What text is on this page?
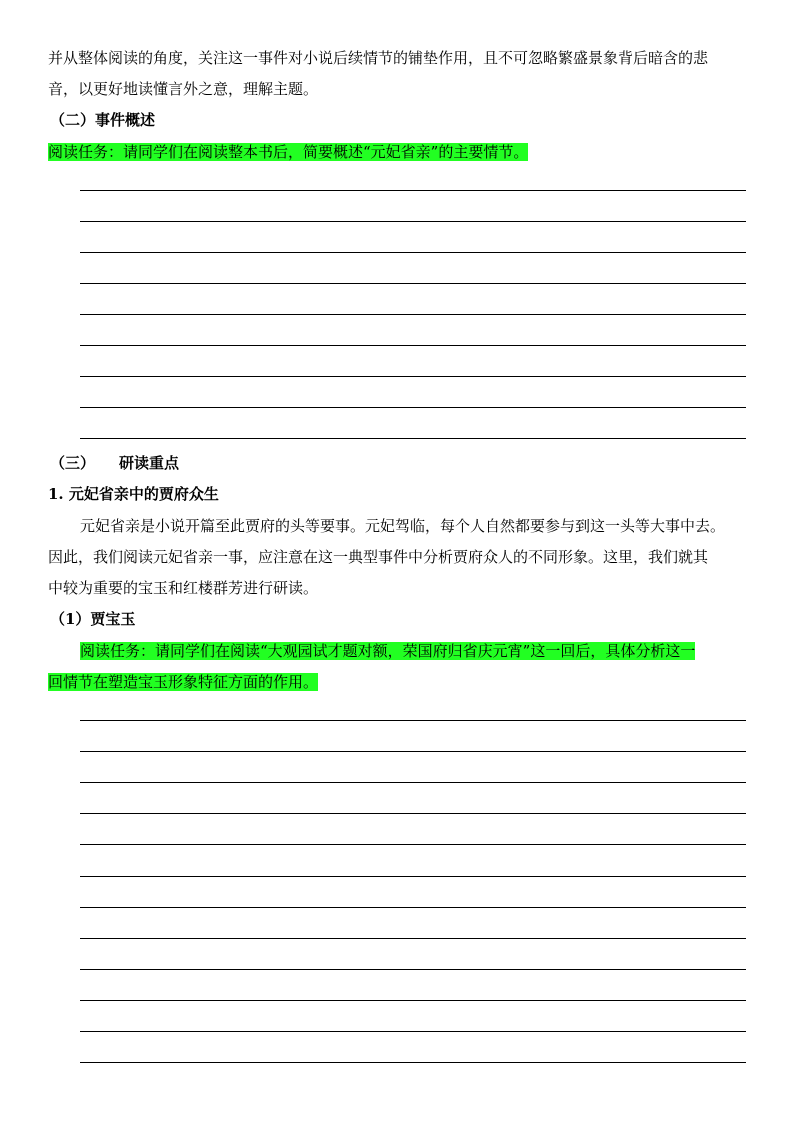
并从整体阅读的角度，关注这一事件对小说后续情节的铺垫作用，且不可忽略繁盛景象背后暗含的悲

音，以更好地读懂言外之意，理解主题。

（二）事件概述

阅读任务：请同学们在阅读整本书后，简要概述“元妃省亲”的主要情节。

（三） 研读重点

1. 元妃省亲中的贾府众生

元妃省亲是小说开篇至此贾府的头等要事。元妃驾临，每个人自然都要参与到这一头等大事中去。

因此，我们阅读元妃省亲一事，应注意在这一典型事件中分析贾府众人的不同形象。这里，我们就其

中较为重要的宝玉和红楼群芳进行研读。

（1）贾宝玉

阅读任务：请同学们在阅读“大观园试才题对额，荣国府归省庆元宵”这一回后，具体分析这一

回情节在塑造宝玉形象特征方面的作用。
